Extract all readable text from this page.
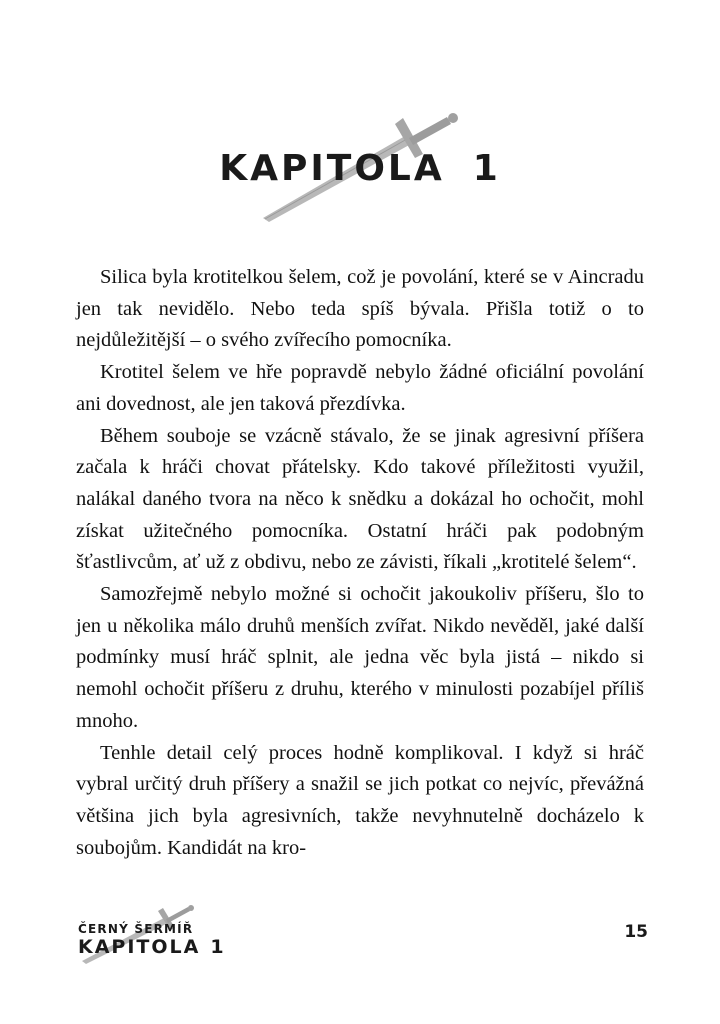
KAPITOLA 1

Silica byla krotitelkou šelem, což je povolání, které se v Aincradu jen tak nevidělo. Nebo teda spíš bývala. Přišla totiž o to nejdůležitější – o svého zvířecího pomocníka.

Krotitel šelem ve hře popravdě nebylo žádné oficiální povolání ani dovednost, ale jen taková přezdívka.

Během souboje se vzácně stávalo, že se jinak agresivní příšera začala k hráči chovat přátelsky. Kdo takové příležitosti využil, nalákal daného tvora na něco k snědku a dokázal ho ochočit, mohl získat užitečného pomocníka. Ostatní hráči pak podobným šťastlivcům, ať už z obdivu, nebo ze závisti, říkali „krotitelé šelem“.

Samozřejmě nebylo možné si ochočit jakoukoliv příšeru, šlo to jen u několika málo druhů menších zvířat. Nikdo nevěděl, jaké další podmínky musí hráč splnit, ale jedna věc byla jistá – nikdo si nemohl ochočit příšeru z druhu, kterého v minulosti pozabíjel příliš mnoho.

Tenhle detail celý proces hodně komplikoval. I když si hráč vybral určitý druh příšery a snažil se jich potkat co nejvíc, převážná většina jich byla agresivních, takže nevyhnutelně docházelo k soubojům. Kandidát na kro-

ČERNÝ ŠERMÍŘ
KAPITOLA 1
15
